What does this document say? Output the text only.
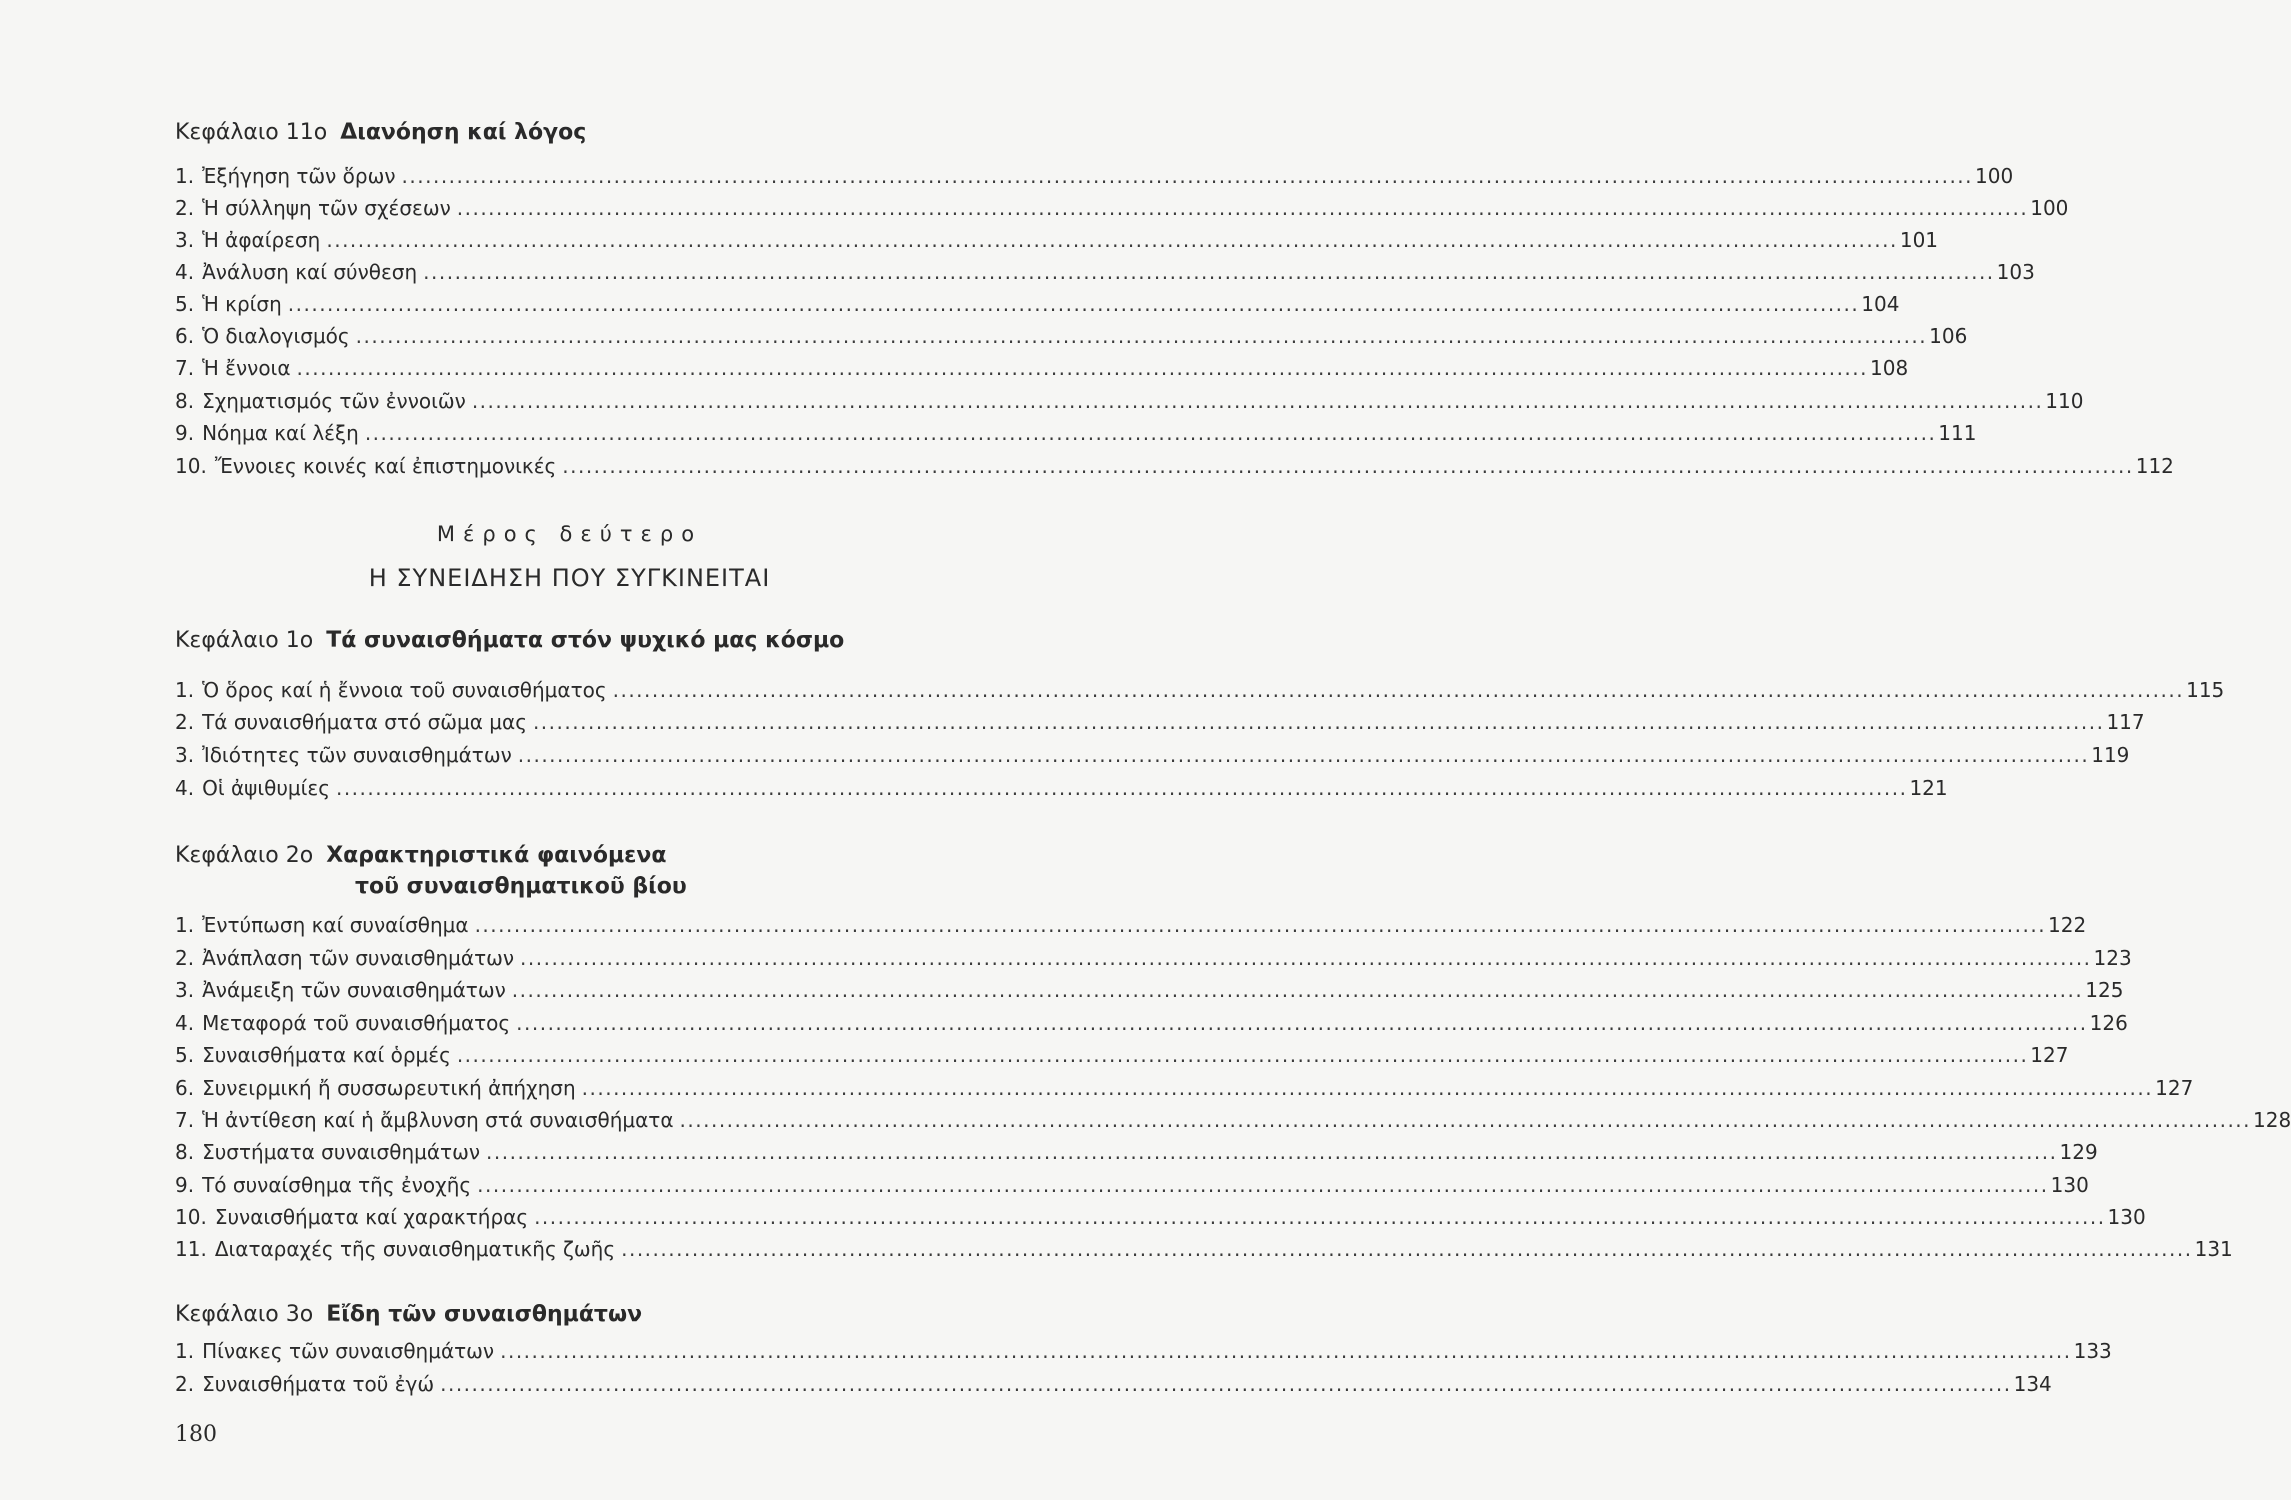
Κεφάλαιο 11ο Διανόηση καί λόγος
1. Ἐξήγηση τῶν ὅρων ........................................................................................................................................................................................................ 100
2. Ἡ σύλληψη τῶν σχέσεων ........................................................................................................................................................................................................ 100
3. Ἡ ἀφαίρεση ........................................................................................................................................................................................................ 101
4. Ἀνάλυση καί σύνθεση ........................................................................................................................................................................................................ 103
5. Ἡ κρίση ........................................................................................................................................................................................................ 104
6. Ὁ διαλογισμός ........................................................................................................................................................................................................ 106
7. Ἡ ἔννοια ........................................................................................................................................................................................................ 108
8. Σχηματισμός τῶν ἐννοιῶν ........................................................................................................................................................................................................ 110
9. Νόημα καί λέξη ........................................................................................................................................................................................................ 111
10. Ἔννοιες κοινές καί ἐπιστημονικές ........................................................................................................................................................................................................ 112
Μέρος δεύτερο
Η ΣΥΝΕΙΔΗΣΗ ΠΟΥ ΣΥΓΚΙΝΕΙΤΑΙ
Κεφάλαιο 1ο Τά συναισθήματα στόν ψυχικό μας κόσμο
1. Ὁ ὅρος καί ἡ ἔννοια τοῦ συναισθήματος ........................................................................................................................................................................................................ 115
2. Τά συναισθήματα στό σῶμα μας ........................................................................................................................................................................................................ 117
3. Ἰδιότητες τῶν συναισθημάτων ........................................................................................................................................................................................................ 119
4. Οἱ ἀψιθυμίες ........................................................................................................................................................................................................ 121
Κεφάλαιο 2ο Χαρακτηριστικά φαινόμενα
τοῦ συναισθηματικοῦ βίου
1. Ἐντύπωση καί συναίσθημα ........................................................................................................................................................................................................ 122
2. Ἀνάπλαση τῶν συναισθημάτων ........................................................................................................................................................................................................ 123
3. Ἀνάμειξη τῶν συναισθημάτων ........................................................................................................................................................................................................ 125
4. Μεταφορά τοῦ συναισθήματος ........................................................................................................................................................................................................ 126
5. Συναισθήματα καί ὁρμές ........................................................................................................................................................................................................ 127
6. Συνειρμική ἤ συσσωρευτική ἀπήχηση ........................................................................................................................................................................................................ 127
7. Ἡ ἀντίθεση καί ἡ ἄμβλυνση στά συναισθήματα ........................................................................................................................................................................................................ 128
8. Συστήματα συναισθημάτων ........................................................................................................................................................................................................ 129
9. Τό συναίσθημα τῆς ἐνοχῆς ........................................................................................................................................................................................................ 130
10. Συναισθήματα καί χαρακτήρας ........................................................................................................................................................................................................ 130
11. Διαταραχές τῆς συναισθηματικῆς ζωῆς ........................................................................................................................................................................................................ 131
Κεφάλαιο 3ο Εἴδη τῶν συναισθημάτων
1. Πίνακες τῶν συναισθημάτων ........................................................................................................................................................................................................ 133
2. Συναισθήματα τοῦ ἐγώ ........................................................................................................................................................................................................ 134
180
